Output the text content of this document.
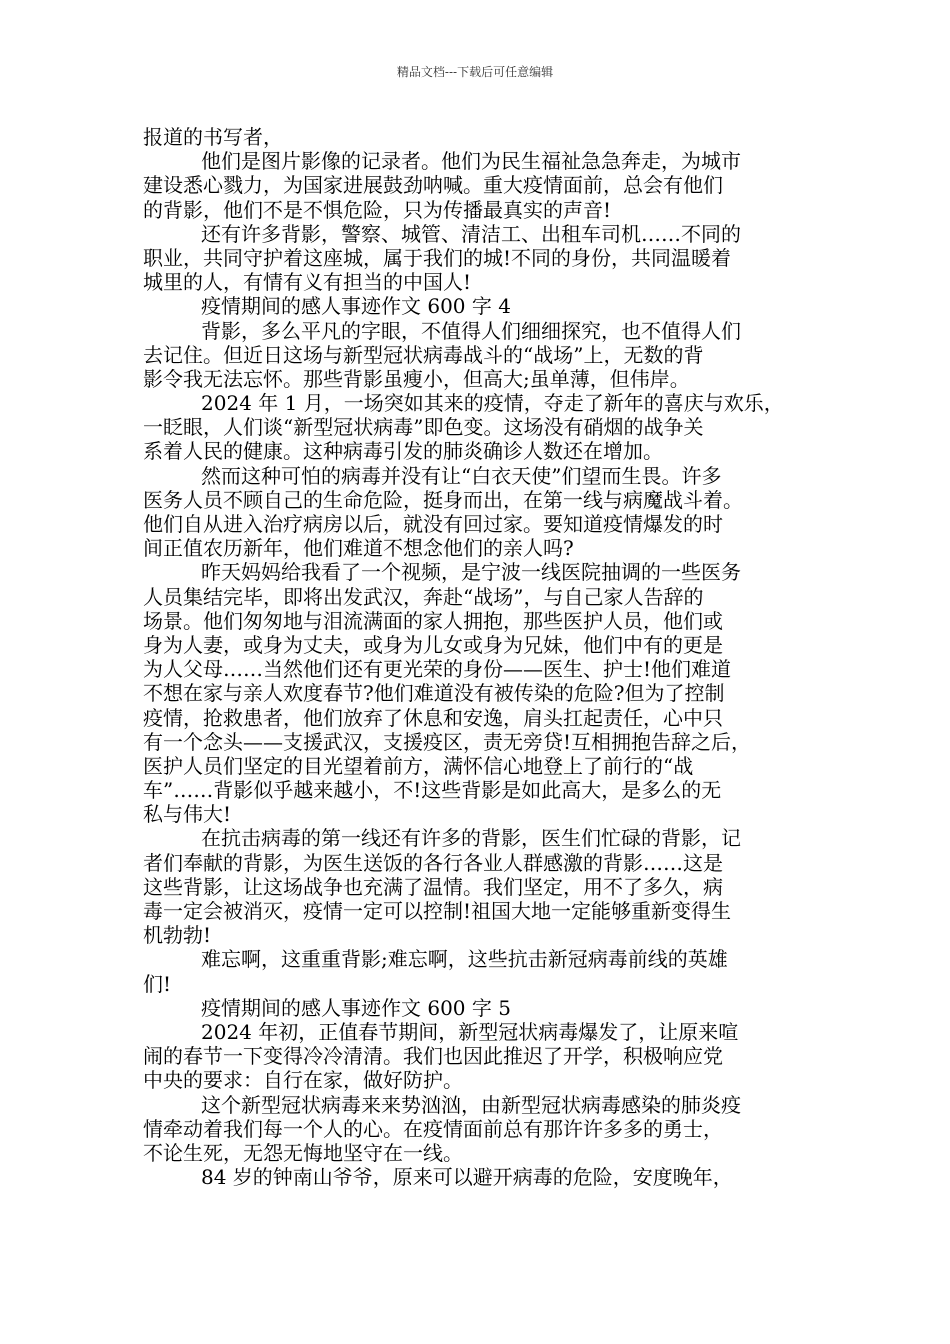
精品文档---下载后可任意编辑
报道的书写者，
他们是图片影像的记录者。他们为民生福祉急急奔走，为城市
建设悉心戮力，为国家进展鼓劲呐喊。重大疫情面前，总会有他们
的背影，他们不是不惧危险，只为传播最真实的声音!
还有许多背影，警察、城管、清洁工、出租车司机……不同的
职业，共同守护着这座城，属于我们的城!不同的身份，共同温暖着
城里的人，有情有义有担当的中国人!
疫情期间的感人事迹作文 600 字 4
背影，多么平凡的字眼，不值得人们细细探究，也不值得人们
去记住。但近日这场与新型冠状病毒战斗的“战场”上，无数的背
影令我无法忘怀。那些背影虽瘦小，但高大;虽单薄，但伟岸。
2024 年 1 月，一场突如其来的疫情，夺走了新年的喜庆与欢乐，
一眨眼，人们谈“新型冠状病毒”即色变。这场没有硝烟的战争关
系着人民的健康。这种病毒引发的肺炎确诊人数还在增加。
然而这种可怕的病毒并没有让“白衣天使”们望而生畏。许多
医务人员不顾自己的生命危险，挺身而出，在第一线与病魔战斗着。
他们自从进入治疗病房以后，就没有回过家。要知道疫情爆发的时
间正值农历新年，他们难道不想念他们的亲人吗?
昨天妈妈给我看了一个视频，是宁波一线医院抽调的一些医务
人员集结完毕，即将出发武汉，奔赴“战场”，与自己家人告辞的
场景。他们匆匆地与泪流满面的家人拥抱，那些医护人员，他们或
身为人妻，或身为丈夫，或身为儿女或身为兄妹，他们中有的更是
为人父母……当然他们还有更光荣的身份——医生、护士!他们难道
不想在家与亲人欢度春节?他们难道没有被传染的危险?但为了控制
疫情，抢救患者，他们放弃了休息和安逸，肩头扛起责任，心中只
有一个念头——支援武汉，支援疫区，责无旁贷!互相拥抱告辞之后，
医护人员们坚定的目光望着前方，满怀信心地登上了前行的“战
车”……背影似乎越来越小，不!这些背影是如此高大，是多么的无
私与伟大!
在抗击病毒的第一线还有许多的背影，医生们忙碌的背影，记
者们奉献的背影，为医生送饭的各行各业人群感激的背影……这是
这些背影，让这场战争也充满了温情。我们坚定，用不了多久，病
毒一定会被消灭，疫情一定可以控制!祖国大地一定能够重新变得生
机勃勃!
难忘啊，这重重背影;难忘啊，这些抗击新冠病毒前线的英雄
们!
疫情期间的感人事迹作文 600 字 5
2024 年初，正值春节期间，新型冠状病毒爆发了，让原来喧
闹的春节一下变得冷冷清清。我们也因此推迟了开学，积极响应党
中央的要求：自行在家，做好防护。
这个新型冠状病毒来来势汹汹，由新型冠状病毒感染的肺炎疫
情牵动着我们每一个人的心。在疫情面前总有那许许多多的勇士，
不论生死，无怨无悔地坚守在一线。
84 岁的钟南山爷爷，原来可以避开病毒的危险，安度晚年，
